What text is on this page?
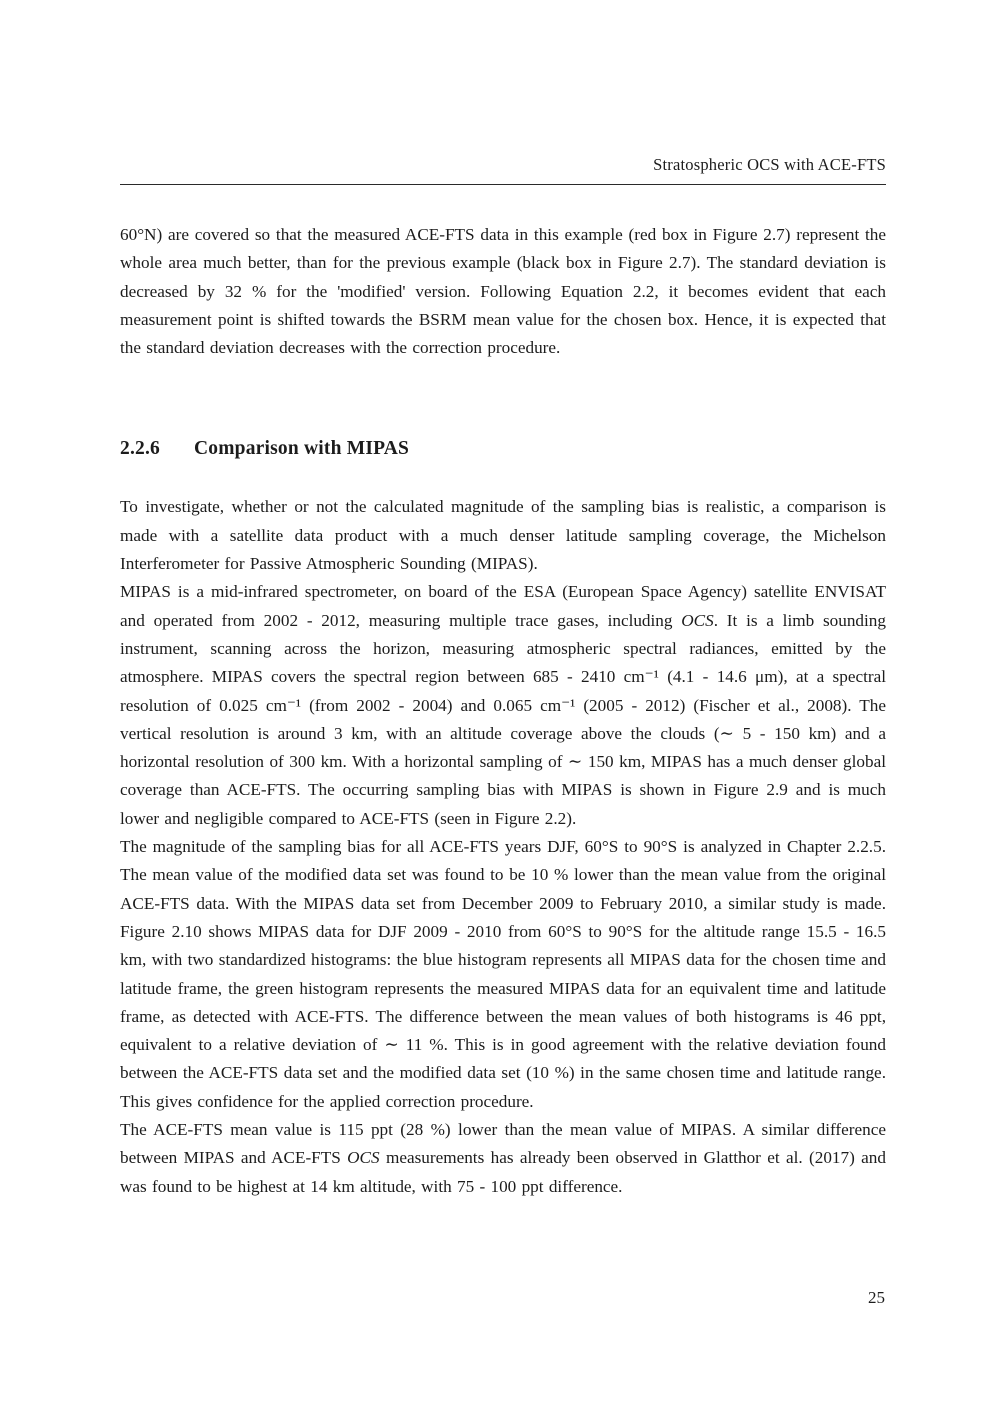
Stratospheric OCS with ACE-FTS

60°N) are covered so that the measured ACE-FTS data in this example (red box in Figure 2.7) represent the whole area much better, than for the previous example (black box in Figure 2.7). The standard deviation is decreased by 32 % for the 'modified' version. Following Equation 2.2, it becomes evident that each measurement point is shifted towards the BSRM mean value for the chosen box. Hence, it is expected that the standard deviation decreases with the correction procedure.

2.2.6 Comparison with MIPAS

To investigate, whether or not the calculated magnitude of the sampling bias is realistic, a comparison is made with a satellite data product with a much denser latitude sampling coverage, the Michelson Interferometer for Passive Atmospheric Sounding (MIPAS).

MIPAS is a mid-infrared spectrometer, on board of the ESA (European Space Agency) satellite ENVISAT and operated from 2002 - 2012, measuring multiple trace gases, including OCS. It is a limb sounding instrument, scanning across the horizon, measuring atmospheric spectral radiances, emitted by the atmosphere. MIPAS covers the spectral region between 685 - 2410 cm⁻¹ (4.1 - 14.6 μm), at a spectral resolution of 0.025 cm⁻¹ (from 2002 - 2004) and 0.065 cm⁻¹ (2005 - 2012) (Fischer et al., 2008). The vertical resolution is around 3 km, with an altitude coverage above the clouds (∼ 5 - 150 km) and a horizontal resolution of 300 km. With a horizontal sampling of ∼ 150 km, MIPAS has a much denser global coverage than ACE-FTS. The occurring sampling bias with MIPAS is shown in Figure 2.9 and is much lower and negligible compared to ACE-FTS (seen in Figure 2.2).

The magnitude of the sampling bias for all ACE-FTS years DJF, 60°S to 90°S is analyzed in Chapter 2.2.5. The mean value of the modified data set was found to be 10 % lower than the mean value from the original ACE-FTS data. With the MIPAS data set from December 2009 to February 2010, a similar study is made. Figure 2.10 shows MIPAS data for DJF 2009 - 2010 from 60°S to 90°S for the altitude range 15.5 - 16.5 km, with two standardized histograms: the blue histogram represents all MIPAS data for the chosen time and latitude frame, the green histogram represents the measured MIPAS data for an equivalent time and latitude frame, as detected with ACE-FTS. The difference between the mean values of both histograms is 46 ppt, equivalent to a relative deviation of ∼ 11 %. This is in good agreement with the relative deviation found between the ACE-FTS data set and the modified data set (10 %) in the same chosen time and latitude range. This gives confidence for the applied correction procedure.

The ACE-FTS mean value is 115 ppt (28 %) lower than the mean value of MIPAS. A similar difference between MIPAS and ACE-FTS OCS measurements has already been observed in Glatthor et al. (2017) and was found to be highest at 14 km altitude, with 75 - 100 ppt difference.

25
